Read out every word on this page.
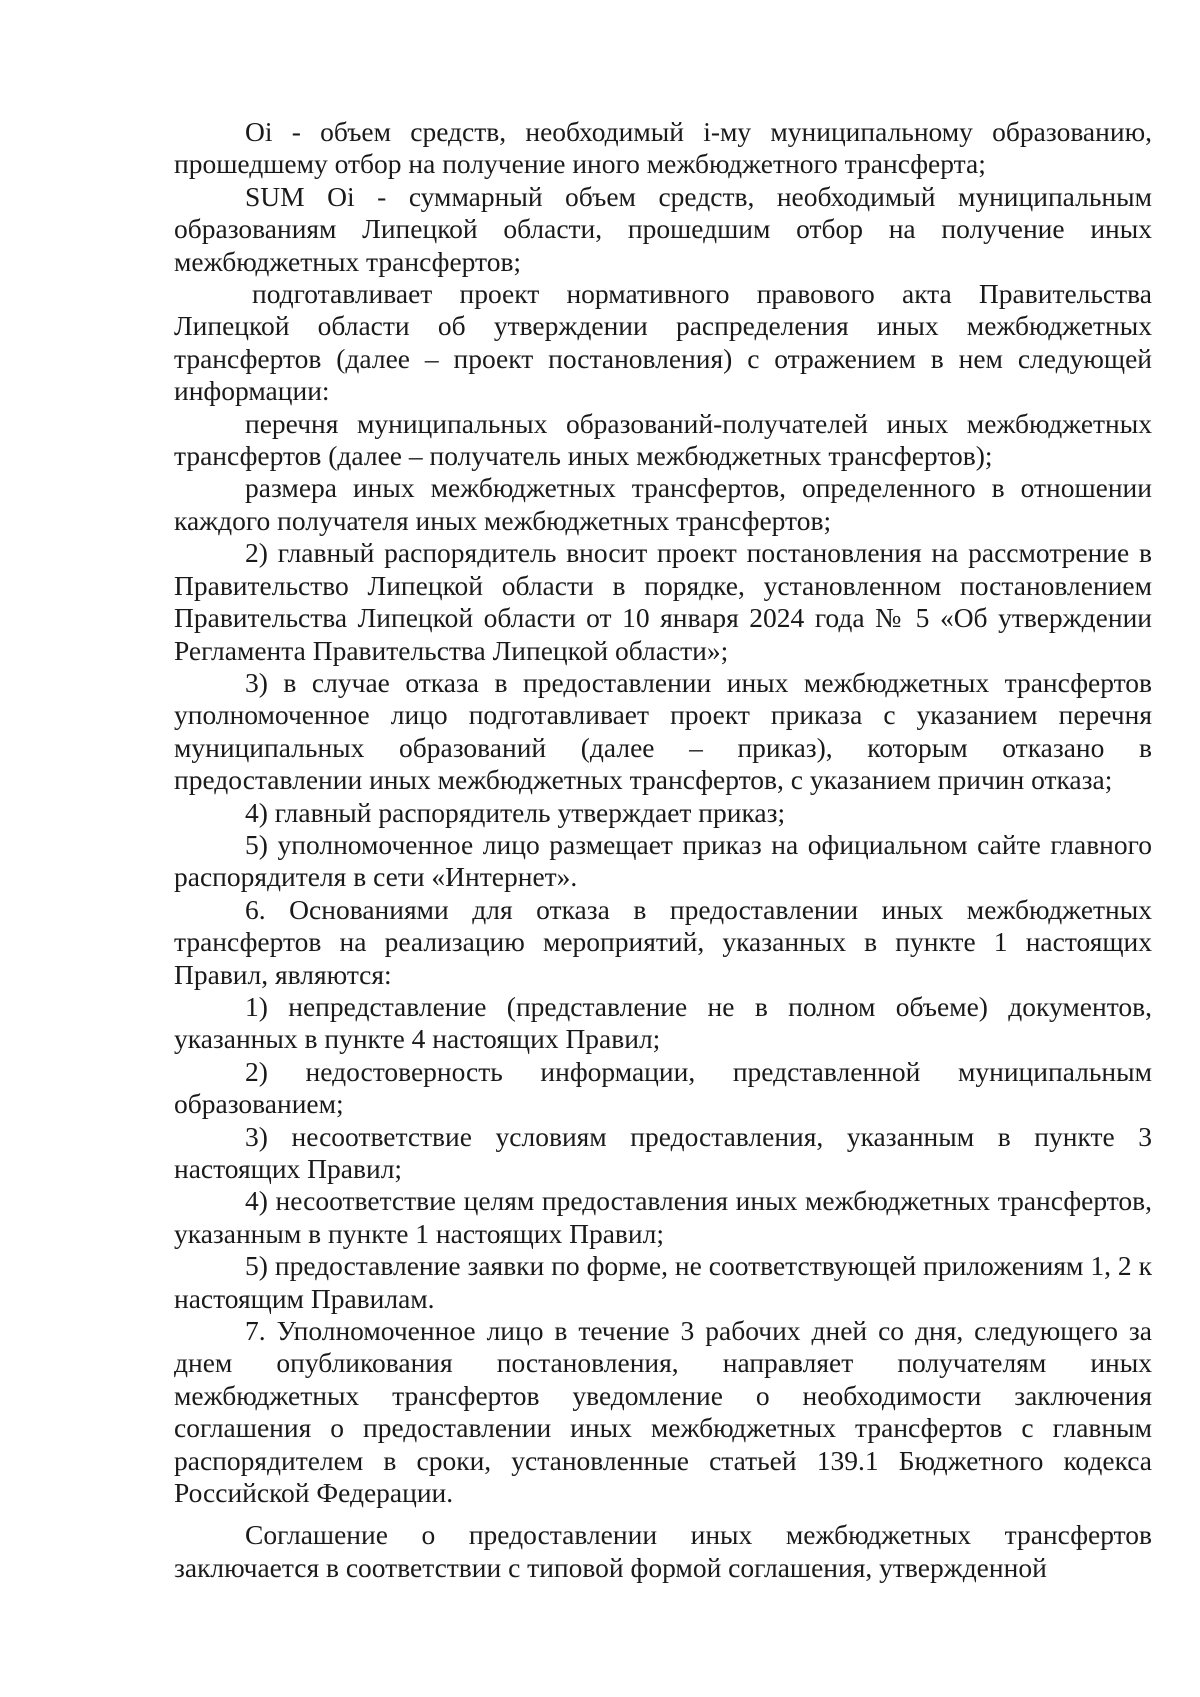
Oi - объем средств, необходимый i-му муниципальному образованию, прошедшему отбор на получение иного межбюджетного трансферта;

SUM Oi - суммарный объем средств, необходимый муниципальным образованиям Липецкой области, прошедшим отбор на получение иных межбюджетных трансфертов;

подготавливает проект нормативного правового акта Правительства Липецкой области об утверждении распределения иных межбюджетных трансфертов (далее – проект постановления) с отражением в нем следующей информации:

перечня муниципальных образований-получателей иных межбюджетных трансфертов (далее – получатель иных межбюджетных трансфертов);

размера иных межбюджетных трансфертов, определенного в отношении каждого получателя иных межбюджетных трансфертов;

2) главный распорядитель вносит проект постановления на рассмотрение в Правительство Липецкой области в порядке, установленном постановлением Правительства Липецкой области от 10 января 2024 года № 5 «Об утверждении Регламента Правительства Липецкой области»;

3) в случае отказа в предоставлении иных межбюджетных трансфертов уполномоченное лицо подготавливает проект приказа с указанием перечня муниципальных образований (далее – приказ), которым отказано в предоставлении иных межбюджетных трансфертов, с указанием причин отказа;

4) главный распорядитель утверждает приказ;

5) уполномоченное лицо размещает приказ на официальном сайте главного распорядителя в сети «Интернет».

6. Основаниями для отказа в предоставлении иных межбюджетных трансфертов на реализацию мероприятий, указанных в пункте 1 настоящих Правил, являются:

1) непредставление (представление не в полном объеме) документов, указанных в пункте 4 настоящих Правил;

2) недостоверность информации, представленной муниципальным образованием;

3) несоответствие условиям предоставления, указанным в пункте 3 настоящих Правил;

4) несоответствие целям предоставления иных межбюджетных трансфертов, указанным в пункте 1 настоящих Правил;

5) предоставление заявки по форме, не соответствующей приложениям 1, 2 к настоящим Правилам.

7. Уполномоченное лицо в течение 3 рабочих дней со дня, следующего за днем опубликования постановления, направляет получателям иных межбюджетных трансфертов уведомление о необходимости заключения соглашения о предоставлении иных межбюджетных трансфертов с главным распорядителем в сроки, установленные статьей 139.1 Бюджетного кодекса Российской Федерации.

Соглашение о предоставлении иных межбюджетных трансфертов заключается в соответствии с типовой формой соглашения, утвержденной
